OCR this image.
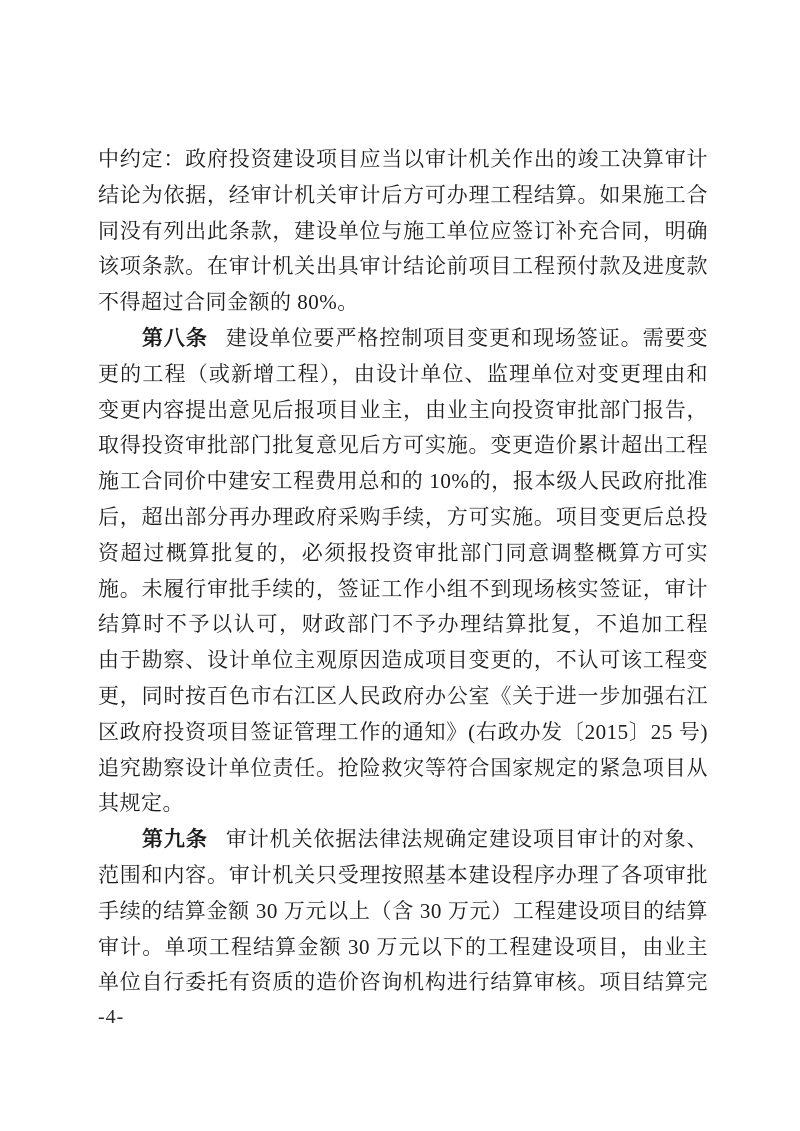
中约定：政府投资建设项目应当以审计机关作出的竣工决算审计
结论为依据，经审计机关审计后方可办理工程结算。如果施工合
同没有列出此条款，建设单位与施工单位应签订补充合同，明确
该项条款。在审计机关出具审计结论前项目工程预付款及进度款
不得超过合同金额的 80%。
第八条 建设单位要严格控制项目变更和现场签证。需要变
更的工程（或新增工程），由设计单位、监理单位对变更理由和
变更内容提出意见后报项目业主，由业主向投资审批部门报告，
取得投资审批部门批复意见后方可实施。变更造价累计超出工程
施工合同价中建安工程费用总和的 10%的，报本级人民政府批准
后，超出部分再办理政府采购手续，方可实施。项目变更后总投
资超过概算批复的，必须报投资审批部门同意调整概算方可实
施。未履行审批手续的，签证工作小组不到现场核实签证，审计
结算时不予以认可，财政部门不予办理结算批复，不追加工程
由于勘察、设计单位主观原因造成项目变更的，不认可该工程变
更，同时按百色市右江区人民政府办公室《关于进一步加强右江
区政府投资项目签证管理工作的通知》(右政办发〔2015〕25 号)
追究勘察设计单位责任。抢险救灾等符合国家规定的紧急项目从
其规定。
第九条 审计机关依据法律法规确定建设项目审计的对象、
范围和内容。审计机关只受理按照基本建设程序办理了各项审批
手续的结算金额 30 万元以上（含 30 万元）工程建设项目的结算
审计。单项工程结算金额 30 万元以下的工程建设项目，由业主
单位自行委托有资质的造价咨询机构进行结算审核。项目结算完
-4-
